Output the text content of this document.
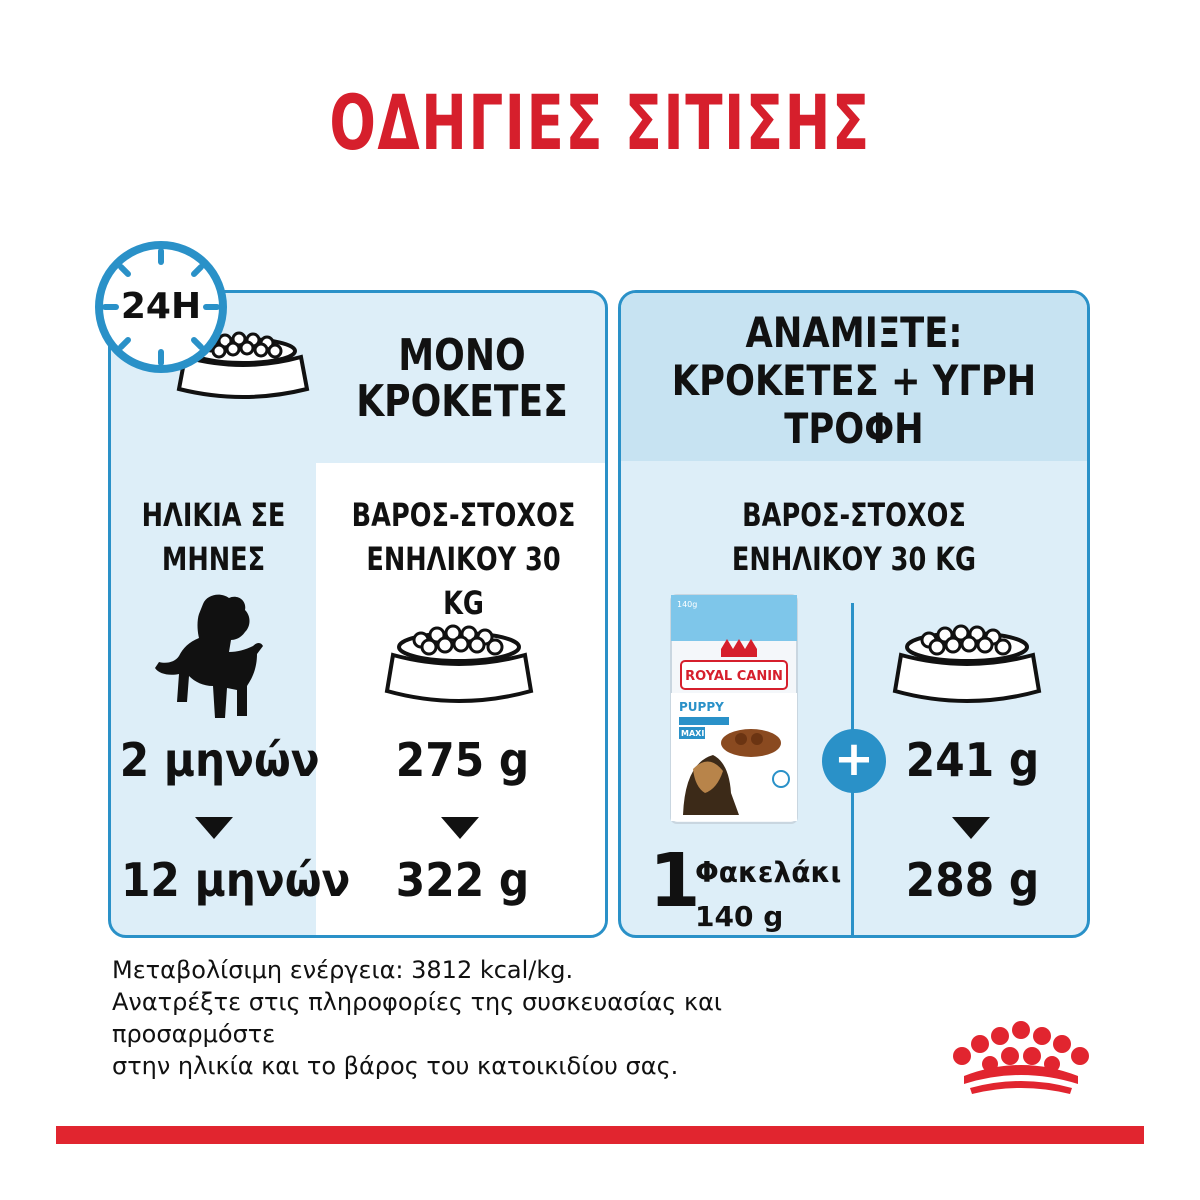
ΟΔΗΓΙΕΣ ΣΙΤΙΣΗΣ
ΜΟΝΟ
ΚΡΟΚΕΤΕΣ
ΗΛΙΚΙΑ ΣΕ
ΜΗΝΕΣ
ΒΑΡΟΣ-ΣΤΟΧΟΣ
ΕΝΗΛΙΚΟΥ 30 KG
2 μηνών
12 μηνών
275 g
322 g
24H
ΑΝΑΜΙΞΤΕ:
ΚΡΟΚΕΤΕΣ + ΥΓΡΗ
ΤΡΟΦΗ
ΒΑΡΟΣ-ΣΤΟΧΟΣ
ΕΝΗΛΙΚΟΥ 30 KG
140g
ROYAL CANIN
PUPPY
MAXI
1
Φακελάκι
140 g
+ 241 g
288 g
Μεταβολίσιμη ενέργεια: 3812 kcal/kg.
Ανατρέξτε στις πληροφορίες της συσκευασίας και
προσαρμόστε
στην ηλικία και το βάρος του κατοικιδίου σας.
